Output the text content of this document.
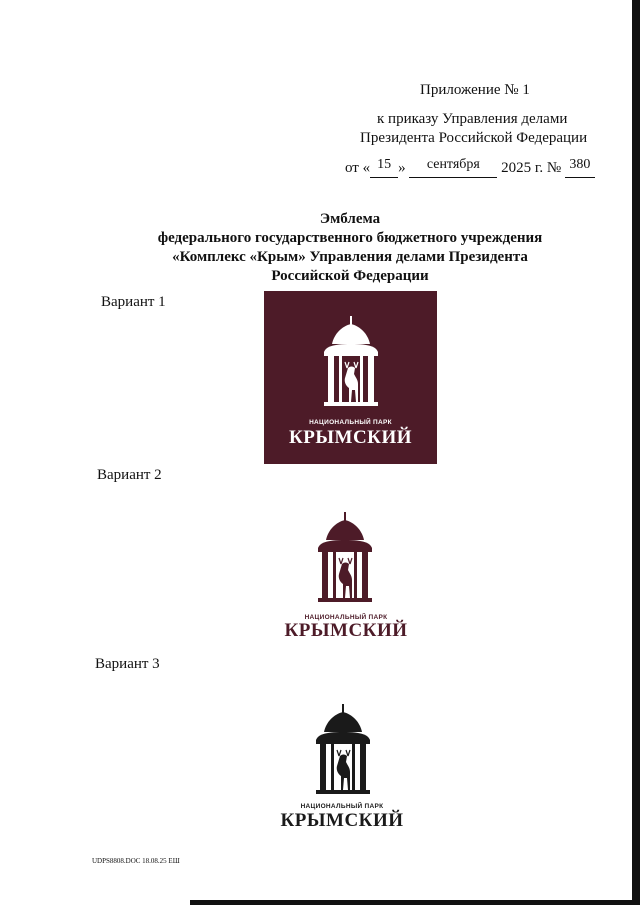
Приложение № 1
к приказу Управления делами
Президента Российской Федерации
от « 15 » сентября 2025 г. № 380
Эмблема
федерального государственного бюджетного учреждения
«Комплекс «Крым» Управления делами Президента
Российской Федерации
Вариант 1
Вариант 2
Вариант 3
НАЦИОНАЛЬНЫЙ ПАРК
КРЫМСКИЙ
НАЦИОНАЛЬНЫЙ ПАРК
КРЫМСКИЙ
НАЦИОНАЛЬНЫЙ ПАРК
КРЫМСКИЙ
UDPS8808.DOC 18.08.25 ЕШ
